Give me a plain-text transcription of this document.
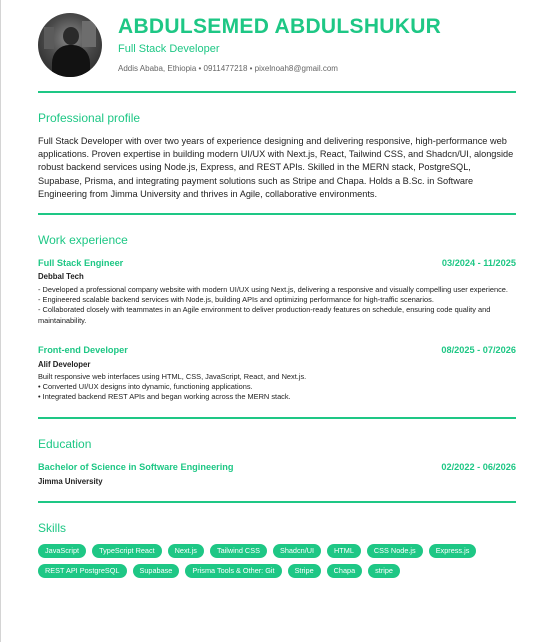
ABDULSEMED ABDULSHUKUR
Full Stack Developer
Addis Ababa, Ethiopia • 0911477218 • pixelnoah8@gmail.com
Professional profile
Full Stack Developer with over two years of experience designing and delivering responsive, high-performance web applications. Proven expertise in building modern UI/UX with Next.js, React, Tailwind CSS, and Shadcn/UI, alongside robust backend services using Node.js, Express, and REST APIs. Skilled in the MERN stack, PostgreSQL, Supabase, Prisma, and integrating payment solutions such as Stripe and Chapa. Holds a B.Sc. in Software Engineering from Jimma University and thrives in Agile, collaborative environments.
Work experience
Full Stack Engineer	03/2024 - 11/2025
Debbal Tech
- Developed a professional company website with modern UI/UX using Next.js, delivering a responsive and visually compelling user experience.
- Engineered scalable backend services with Node.js, building APIs and optimizing performance for high-traffic scenarios.
- Collaborated closely with teammates in an Agile environment to deliver production-ready features on schedule, ensuring code quality and maintainability.
Front-end Developer	08/2025 - 07/2026
Alif Developer
Built responsive web interfaces using HTML, CSS, JavaScript, React, and Next.js.
• Converted UI/UX designs into dynamic, functioning applications.
• Integrated backend REST APIs and began working across the MERN stack.
Education
Bachelor of Science in Software Engineering	02/2022 - 06/2026
Jimma University
Skills
JavaScript	TypeScript React	Next.js	Tailwind CSS	Shadcn/UI	HTML	CSS Node.js	Express.js
REST API PostgreSQL	Supabase	Prisma Tools & Other: Git	Stripe	Chapa	stripe
